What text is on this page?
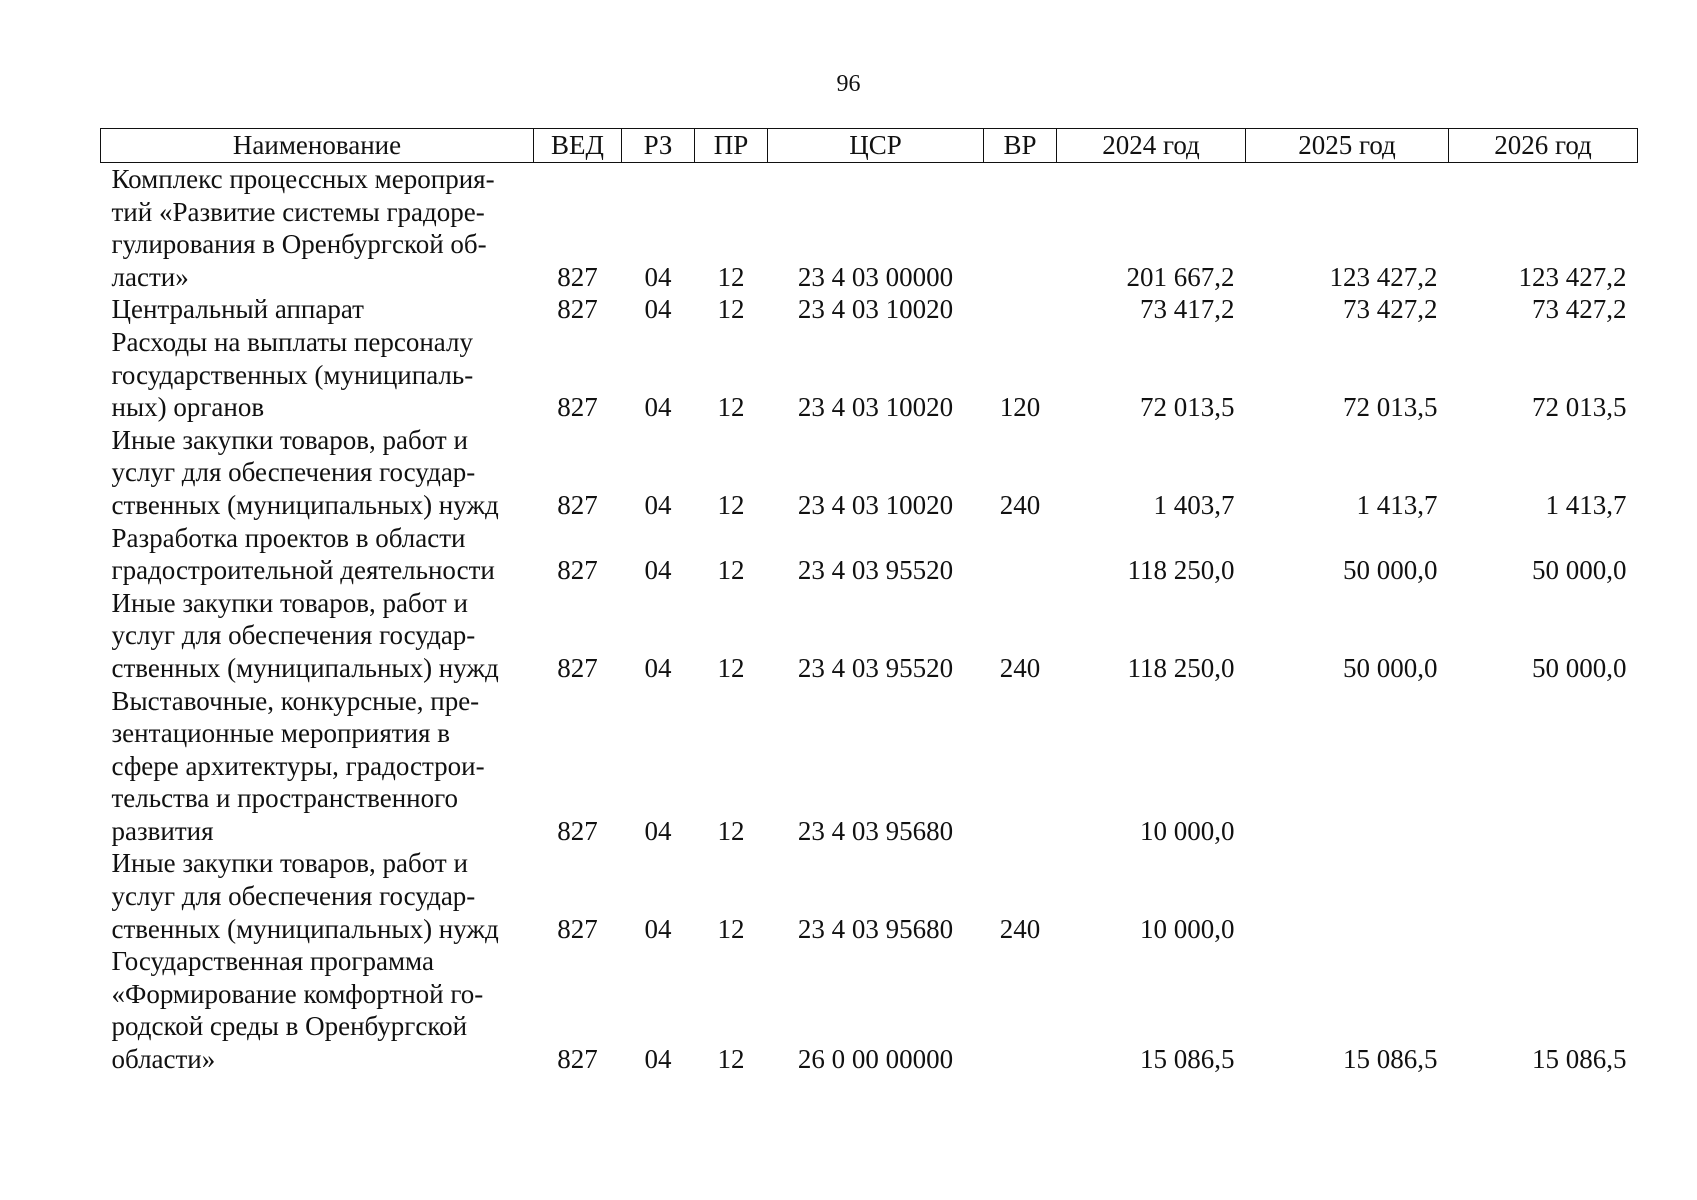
96
Наименование	ВЕД	РЗ	ПР	ЦСР	ВР	2024 год	2025 год	2026 год
Комплекс процессных мероприя-
тий «Развитие системы градоре-
гулирования в Оренбургской об-
ласти»	827	04	12	23 4 03 00000		201 667,2	123 427,2	123 427,2
Центральный аппарат	827	04	12	23 4 03 10020		73 417,2	73 427,2	73 427,2
Расходы на выплаты персоналу
государственных (муниципаль-
ных) органов	827	04	12	23 4 03 10020	120	72 013,5	72 013,5	72 013,5
Иные закупки товаров, работ и
услуг для обеспечения государ-
ственных (муниципальных) нужд	827	04	12	23 4 03 10020	240	1 403,7	1 413,7	1 413,7
Разработка проектов в области
градостроительной деятельности	827	04	12	23 4 03 95520		118 250,0	50 000,0	50 000,0
Иные закупки товаров, работ и
услуг для обеспечения государ-
ственных (муниципальных) нужд	827	04	12	23 4 03 95520	240	118 250,0	50 000,0	50 000,0
Выставочные, конкурсные, пре-
зентационные мероприятия в
сфере архитектуры, градострои-
тельства и пространственного
развития	827	04	12	23 4 03 95680		10 000,0		
Иные закупки товаров, работ и
услуг для обеспечения государ-
ственных (муниципальных) нужд	827	04	12	23 4 03 95680	240	10 000,0		
Государственная программа
«Формирование комфортной го-
родской среды в Оренбургской
области»	827	04	12	26 0 00 00000		15 086,5	15 086,5	15 086,5
